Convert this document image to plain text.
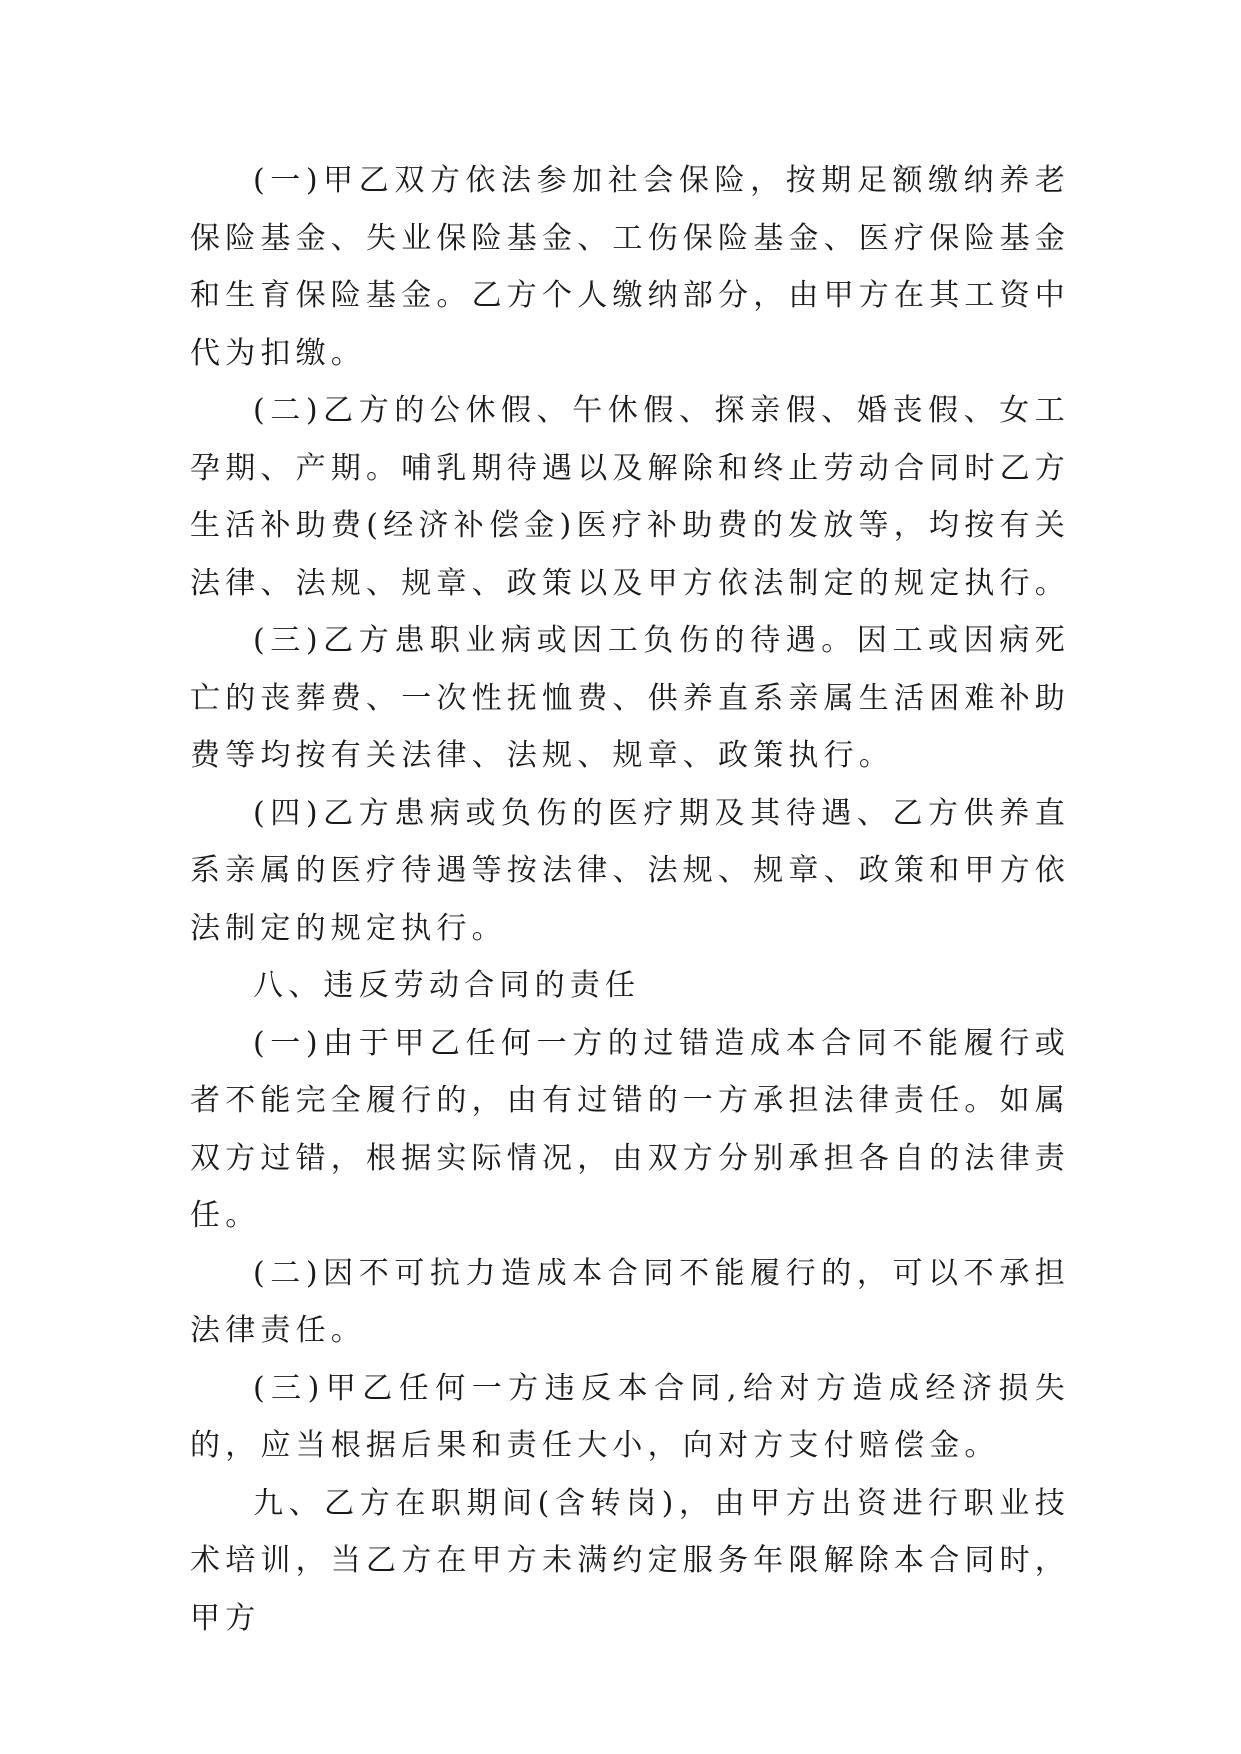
(一)甲乙双方依法参加社会保险，按期足额缴纳养老保险基金、失业保险基金、工伤保险基金、医疗保险基金和生育保险基金。乙方个人缴纳部分，由甲方在其工资中代为扣缴。

(二)乙方的公休假、午休假、探亲假、婚丧假、女工孕期、产期。哺乳期待遇以及解除和终止劳动合同时乙方生活补助费(经济补偿金)医疗补助费的发放等，均按有关法律、法规、规章、政策以及甲方依法制定的规定执行。

(三)乙方患职业病或因工负伤的待遇。因工或因病死亡的丧葬费、一次性抚恤费、供养直系亲属生活困难补助费等均按有关法律、法规、规章、政策执行。

(四)乙方患病或负伤的医疗期及其待遇、乙方供养直系亲属的医疗待遇等按法律、法规、规章、政策和甲方依法制定的规定执行。

八、违反劳动合同的责任

(一)由于甲乙任何一方的过错造成本合同不能履行或者不能完全履行的，由有过错的一方承担法律责任。如属双方过错，根据实际情况，由双方分别承担各自的法律责任。

(二)因不可抗力造成本合同不能履行的，可以不承担法律责任。

(三)甲乙任何一方违反本合同,给对方造成经济损失的，应当根据后果和责任大小，向对方支付赔偿金。

九、乙方在职期间(含转岗)，由甲方出资进行职业技术培训，当乙方在甲方未满约定服务年限解除本合同时，甲方
